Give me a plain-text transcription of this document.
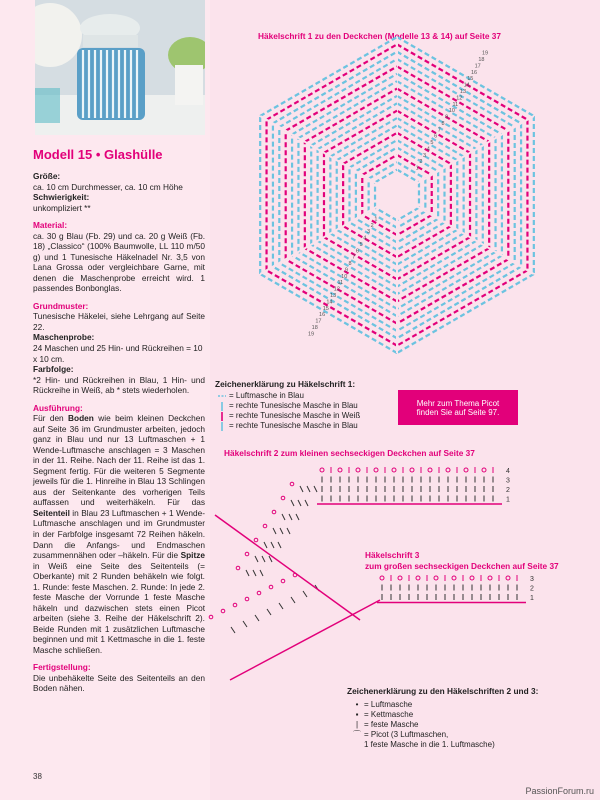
Modell 15 • Glashülle

Größe:

ca. 10 cm Durchmesser, ca. 10 cm Höhe

Schwierigkeit:

unkompliziert **

Material:

ca. 30 g Blau (Fb. 29) und ca. 20 g Weiß (Fb. 18) „Classico“ (100% Baumwolle, LL 110 m/50 g) und 1 Tunesische Häkelnadel Nr. 3,5 von Lana Grossa oder vergleichbare Garne, mit denen die Maschenprobe erreicht wird. 1 passendes Bonbonglas.

Grundmuster:

Tunesische Häkelei, siehe Lehrgang auf Seite 22.

Maschenprobe:

24 Maschen und 25 Hin- und Rückreihen = 10 x 10 cm.

Farbfolge:

*2 Hin- und Rückreihen in Blau, 1 Hin- und Rückreihe in Weiß, ab * stets wiederholen.

Ausführung:

Für den Boden wie beim kleinen Deckchen auf Seite 36 im Grundmuster arbeiten, jedoch ganz in Blau und nur 13 Luftmaschen + 1 Wende-Luftmasche anschlagen = 3 Maschen in der 11. Reihe. Nach der 11. Reihe ist das 1. Segment fertig. Für die weiteren 5 Segmente jeweils für die 1. Hinreihe in Blau 13 Schlingen aus der Seitenkante des vorherigen Teils auffassen und weiterhäkeln. Für das Seitenteil in Blau 23 Luftmaschen + 1 Wende-Luftmasche anschlagen und im Grundmuster in der Farbfolge insgesamt 72 Reihen häkeln. Dann die Anfangs- und Endmaschen zusammennähen oder –häkeln. Für die Spitze in Weiß eine Seite des Seitenteils (= Oberkante) mit 2 Runden behäkeln wie folgt. 1. Runde: feste Maschen. 2. Runde: In jede 2. feste Masche der Vorrunde 1 feste Masche häkeln und dazwischen stets einen Picot arbeiten (siehe 3. Reihe der Häkelschrift 2). Beide Runden mit 1 zusätzlichen Luftmasche beginnen und mit 1 Kettmasche in die 1. feste Masche schließen.

Fertigstellung:

Die unbehäkelte Seite des Seitenteils an den Boden nähen.

38
Häkelschrift 1 zu den Deckchen (Modelle 13 & 14) auf Seite 37
1
1
2
2
3
3
4
4
5
5
6
6
7
7
8
8
9
9
10
10
11
11
12
12
13
13
14
14
15
15
16
16
17
17
18
18
19
19
Zeichenerklärung zu Häkelschrift 1:
= Luftmasche in Blau
= rechte Tunesische Masche in Blau
= rechte Tunesische Masche in Weiß
= rechte Tunesische Masche in Blau
Mehr zum Thema Picot
finden Sie auf Seite 97.
Häkelschrift 2 zum kleinen sechseckigen Deckchen auf Seite 37
Häkelschrift 3
zum großen sechseckigen Deckchen auf Seite 37
4
3
2
1
3
2
1
Zeichenerklärung zu den Häkelschriften 2 und 3:
• = Luftmasche
▪ = Kettmasche
| = feste Masche
⌒ = Picot (3 Luftmaschen,
1 feste Masche in die 1. Luftmasche)
PassionForum.ru
